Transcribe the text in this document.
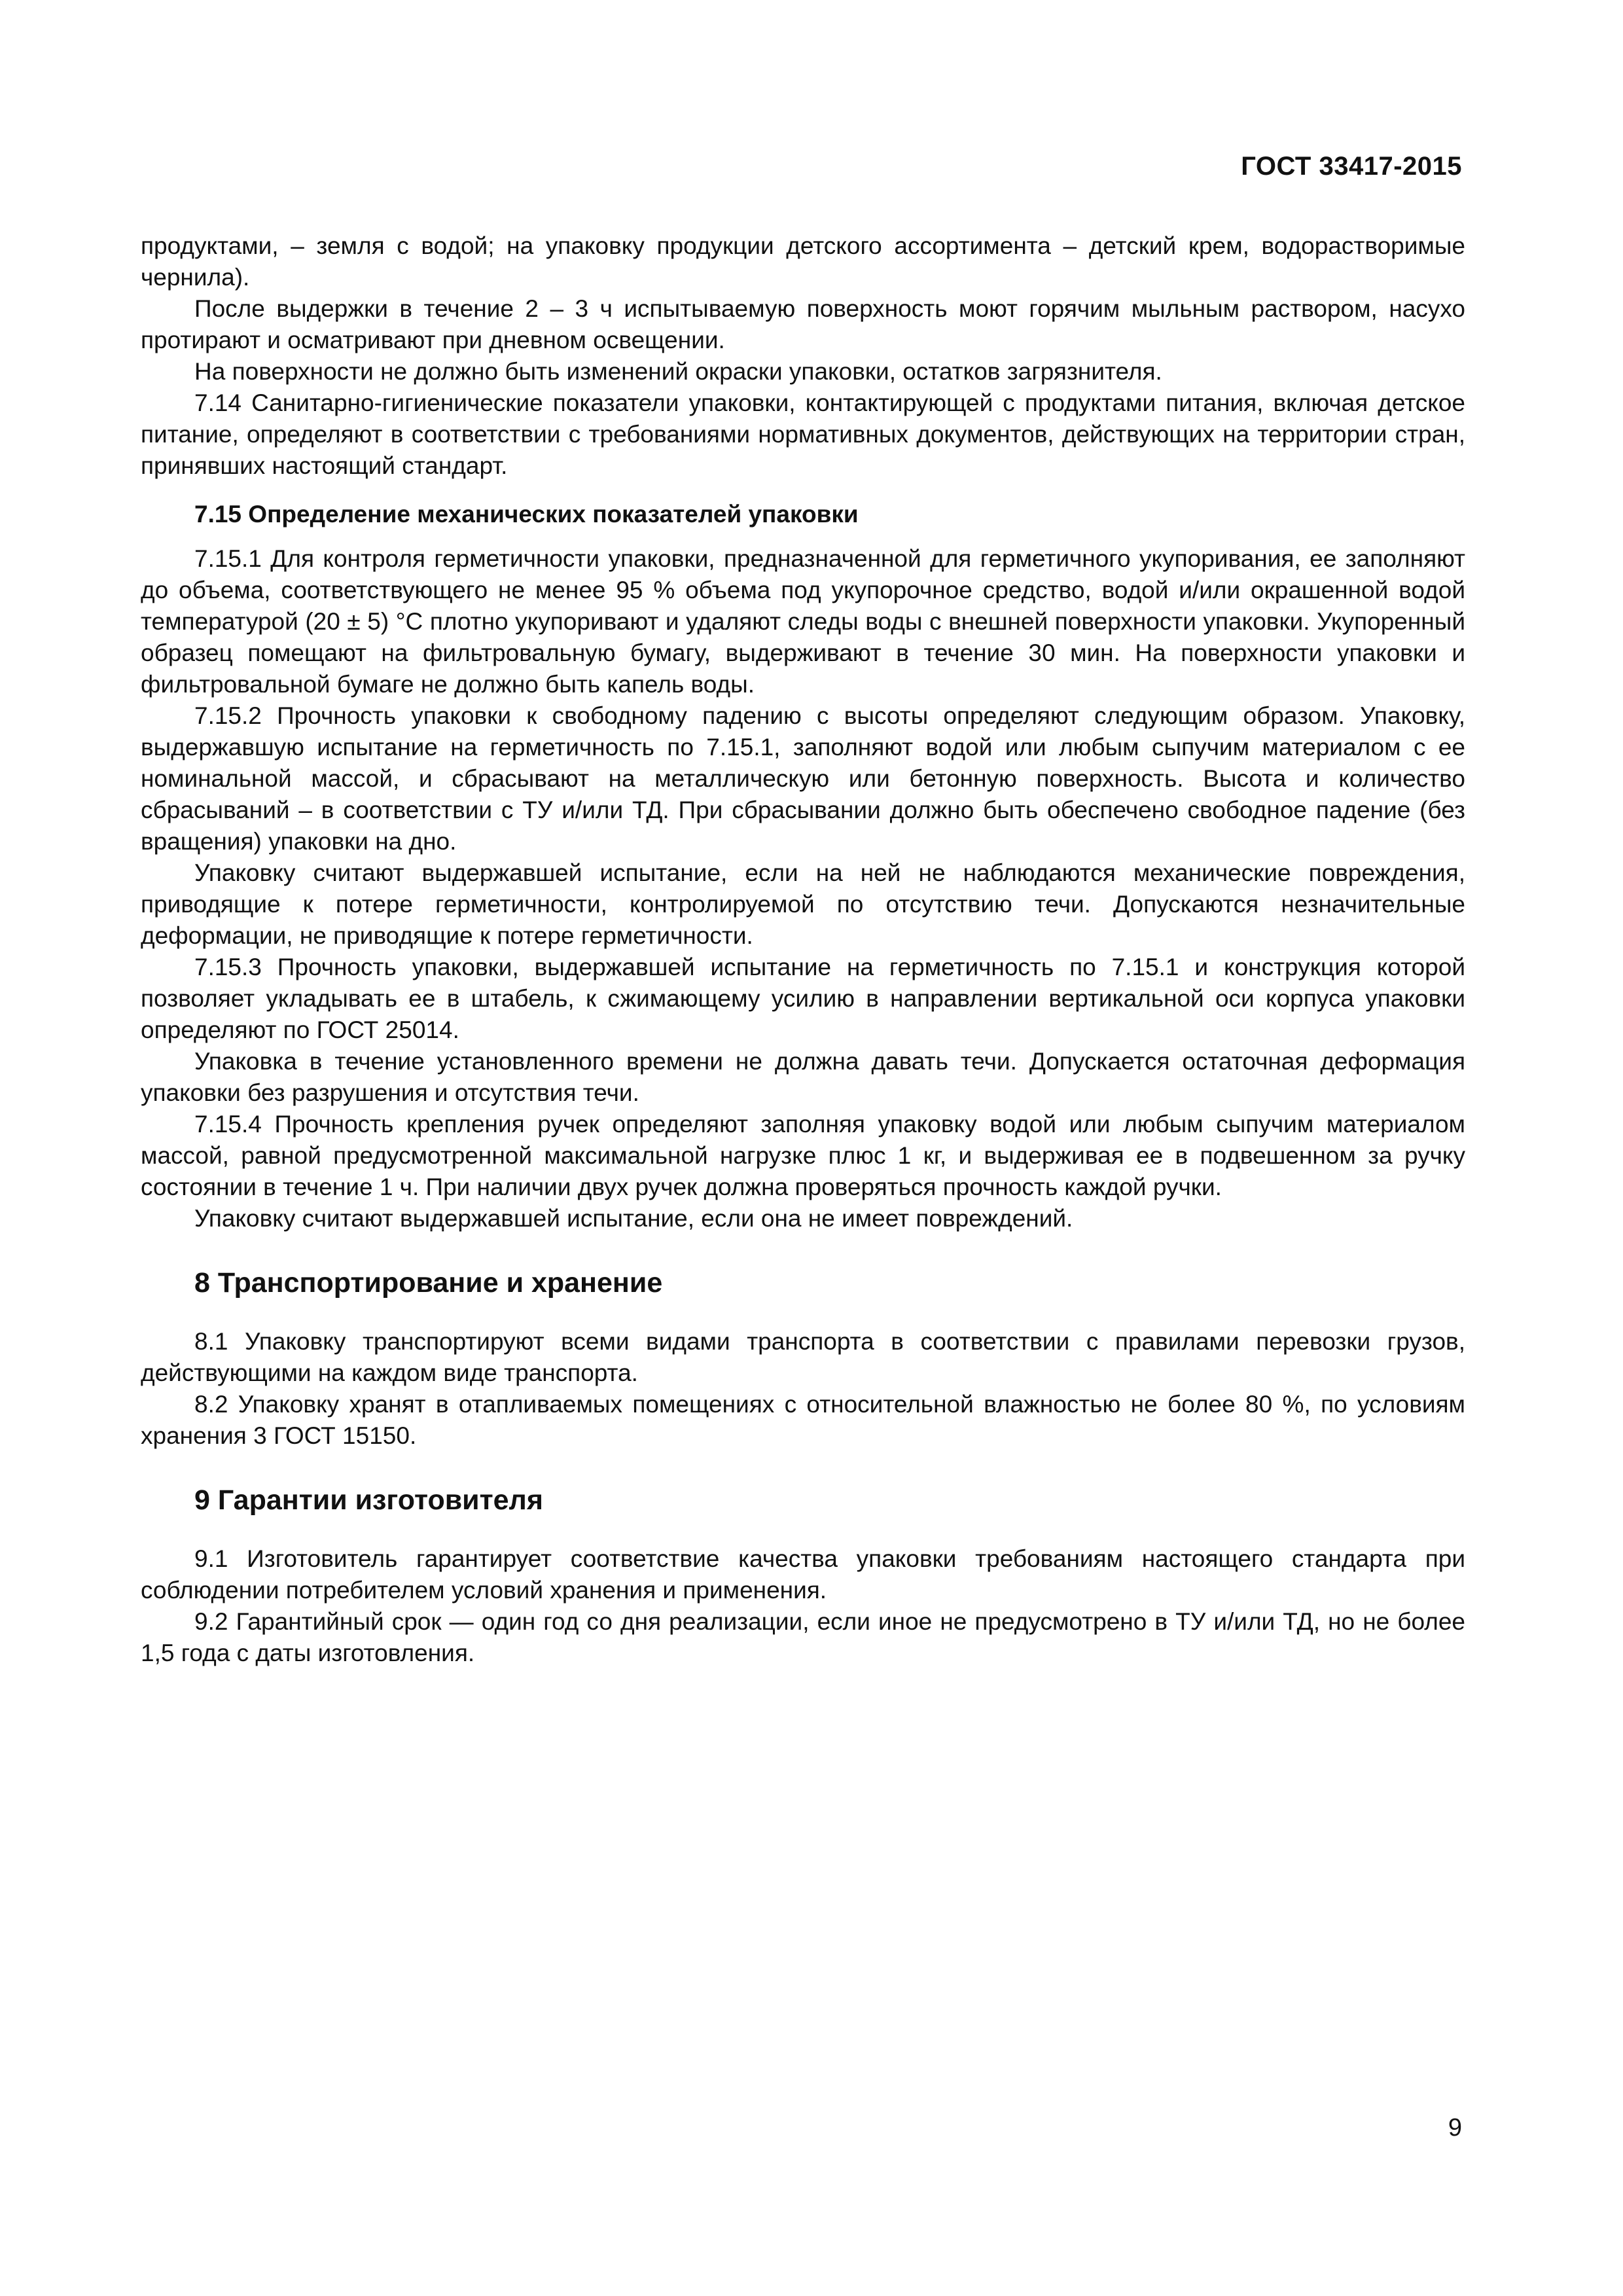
ГОСТ 33417-2015

продуктами, – земля с водой; на упаковку продукции детского ассортимента – детский крем, водорастворимые чернила).

После выдержки в течение 2 – 3 ч испытываемую поверхность моют горячим мыльным раствором, насухо протирают и осматривают при дневном освещении.

На поверхности не должно быть изменений окраски упаковки, остатков загрязнителя.

7.14 Санитарно-гигиенические показатели упаковки, контактирующей с продуктами питания, включая детское питание, определяют в соответствии с требованиями нормативных документов, действующих на территории стран, принявших настоящий стандарт.

7.15 Определение механических показателей упаковки

7.15.1 Для контроля герметичности упаковки, предназначенной для герметичного укупоривания, ее заполняют до объема, соответствующего не менее 95 % объема под укупорочное средство, водой и/или окрашенной водой температурой (20 ± 5) °С плотно укупоривают и удаляют следы воды с внешней поверхности упаковки. Укупоренный образец помещают на фильтровальную бумагу, выдерживают в течение 30 мин. На поверхности упаковки и фильтровальной бумаге не должно быть капель воды.

7.15.2 Прочность упаковки к свободному падению с высоты определяют следующим образом. Упаковку, выдержавшую испытание на герметичность по 7.15.1, заполняют водой или любым сыпучим материалом с ее номинальной массой, и сбрасывают на металлическую или бетонную поверхность. Высота и количество сбрасываний – в соответствии с ТУ и/или ТД. При сбрасывании должно быть обеспечено свободное падение (без вращения) упаковки на дно.

Упаковку считают выдержавшей испытание, если на ней не наблюдаются механические повреждения, приводящие к потере герметичности, контролируемой по отсутствию течи. Допускаются незначительные деформации, не приводящие к потере герметичности.

7.15.3 Прочность упаковки, выдержавшей испытание на герметичность по 7.15.1 и конструкция которой позволяет укладывать ее в штабель, к сжимающему усилию в направлении вертикальной оси корпуса упаковки определяют по ГОСТ 25014.

Упаковка в течение установленного времени не должна давать течи. Допускается остаточная деформация упаковки без разрушения и отсутствия течи.

7.15.4 Прочность крепления ручек определяют заполняя упаковку водой или любым сыпучим материалом массой, равной предусмотренной максимальной нагрузке плюс 1 кг, и выдерживая ее в подвешенном за ручку состоянии в течение 1 ч. При наличии двух ручек должна проверяться прочность каждой ручки.

Упаковку считают выдержавшей испытание, если она не имеет повреждений.

8 Транспортирование и хранение

8.1 Упаковку транспортируют всеми видами транспорта в соответствии с правилами перевозки грузов, действующими на каждом виде транспорта.

8.2 Упаковку хранят в отапливаемых помещениях с относительной влажностью не более 80 %, по условиям хранения 3 ГОСТ 15150.

9 Гарантии изготовителя

9.1 Изготовитель гарантирует соответствие качества упаковки требованиям настоящего стандарта при соблюдении потребителем условий хранения и применения.

9.2 Гарантийный срок — один год со дня реализации, если иное не предусмотрено в ТУ и/или ТД, но не более 1,5 года с даты изготовления.

9
